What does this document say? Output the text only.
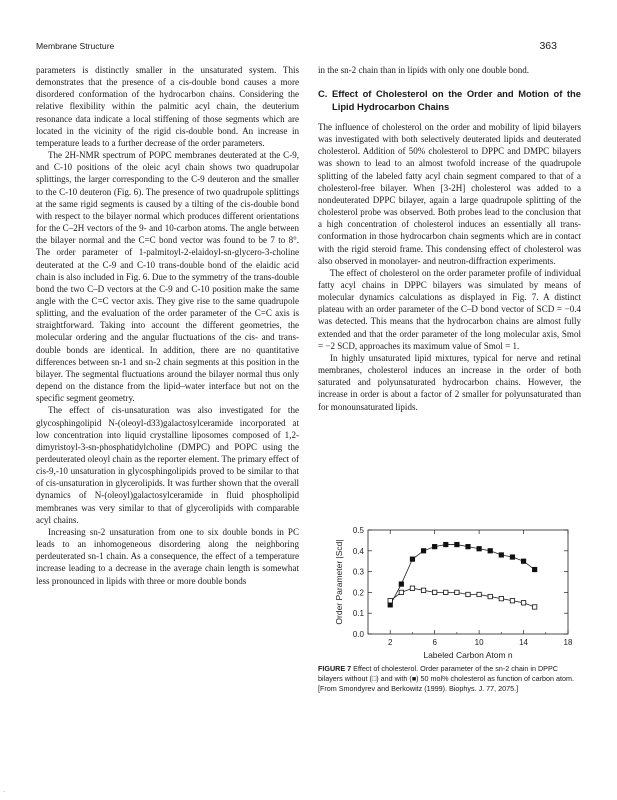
Membrane Structure	363

parameters is distinctly smaller in the unsaturated system. This demonstrates that the presence of a cis-double bond causes a more disordered conformation of the hydrocarbon chains. Considering the relative flexibility within the palmitic acyl chain, the deuterium resonance data indicate a local stiffening of those segments which are located in the vicinity of the rigid cis-double bond. An increase in temperature leads to a further decrease of the order parameters.

The 2H-NMR spectrum of POPC membranes deuterated at the C-9, and C-10 positions of the oleic acyl chain shows two quadrupolar splittings, the larger corresponding to the C-9 deuteron and the smaller to the C-10 deuteron (Fig. 6). The presence of two quadrupole splittings at the same rigid segments is caused by a tilting of the cis-double bond with respect to the bilayer normal which produces different orientations for the C–2H vectors of the 9- and 10-carbon atoms. The angle between the bilayer normal and the C=C bond vector was found to be 7 to 8°. The order parameter of 1-palmitoyl-2-elaidoyl-sn-glycero-3-choline deuterated at the C-9 and C-10 trans-double bond of the elaidic acid chain is also included in Fig. 6. Due to the symmetry of the trans-double bond the two C–D vectors at the C-9 and C-10 position make the same angle with the C=C vector axis. They give rise to the same quadrupole splitting, and the evaluation of the order parameter of the C=C axis is straightforward. Taking into account the different geometries, the molecular ordering and the angular fluctuations of the cis- and trans-double bonds are identical. In addition, there are no quantitative differences between sn-1 and sn-2 chain segments at this position in the bilayer. The segmental fluctuations around the bilayer normal thus only depend on the distance from the lipid–water interface but not on the specific segment geometry.

The effect of cis-unsaturation was also investigated for the glycosphingolipid N-(oleoyl-d33)galactosylceramide incorporated at low concentration into liquid crystalline liposomes composed of 1,2-dimyristoyl-3-sn-phosphatidylcholine (DMPC) and POPC using the perdeuterated oleoyl chain as the reporter element. The primary effect of cis-9,-10 unsaturation in glycosphingolipids proved to be similar to that of cis-unsaturation in glycerolipids. It was further shown that the overall dynamics of N-(oleoyl)galactosylceramide in fluid phospholipid membranes was very similar to that of glycerolipids with comparable acyl chains.

Increasing sn-2 unsaturation from one to six double bonds in PC leads to an inhomogeneous disordering along the neighboring perdeuterated sn-1 chain. As a consequence, the effect of a temperature increase leading to a decrease in the average chain length is somewhat less pronounced in lipids with three or more double bonds

in the sn-2 chain than in lipids with only one double bond.

C. Effect of Cholesterol on the Order and Motion of the Lipid Hydrocarbon Chains

The influence of cholesterol on the order and mobility of lipid bilayers was investigated with both selectively deuterated lipids and deuterated cholesterol. Addition of 50% cholesterol to DPPC and DMPC bilayers was shown to lead to an almost twofold increase of the quadrupole splitting of the labeled fatty acyl chain segment compared to that of a cholesterol-free bilayer. When [3-2H] cholesterol was added to a nondeuterated DPPC bilayer, again a large quadrupole splitting of the cholesterol probe was observed. Both probes lead to the conclusion that a high concentration of cholesterol induces an essentially all trans-conformation in those hydrocarbon chain segments which are in contact with the rigid steroid frame. This condensing effect of cholesterol was also observed in monolayer- and neutron-diffraction experiments.

The effect of cholesterol on the order parameter profile of individual fatty acyl chains in DPPC bilayers was simulated by means of molecular dynamics calculations as displayed in Fig. 7. A distinct plateau with an order parameter of the C–D bond vector of SCD = −0.4 was detected. This means that the hydrocarbon chains are almost fully extended and that the order parameter of the long molecular axis, Smol = −2 SCD, approaches its maximum value of Smol = 1.

In highly unsaturated lipid mixtures, typical for nerve and retinal membranes, cholesterol induces an increase in the order of both saturated and polyunsaturated hydrocarbon chains. However, the increase in order is about a factor of 2 smaller for polyunsaturated than for monounsaturated lipids.

2	6	10	14	18
0.0
0.1
0.2
0.3
0.4
0.5
Labeled Carbon Atom n
Order Parameter |Scd|
FIGURE 7 Effect of cholesterol. Order parameter of the sn-2 chain in DPPC bilayers without (□) and with (■) 50 mol% cholesterol as function of carbon atom. [From Smondyrev and Berkowitz (1999). Biophys. J. 77, 2075.]
·
